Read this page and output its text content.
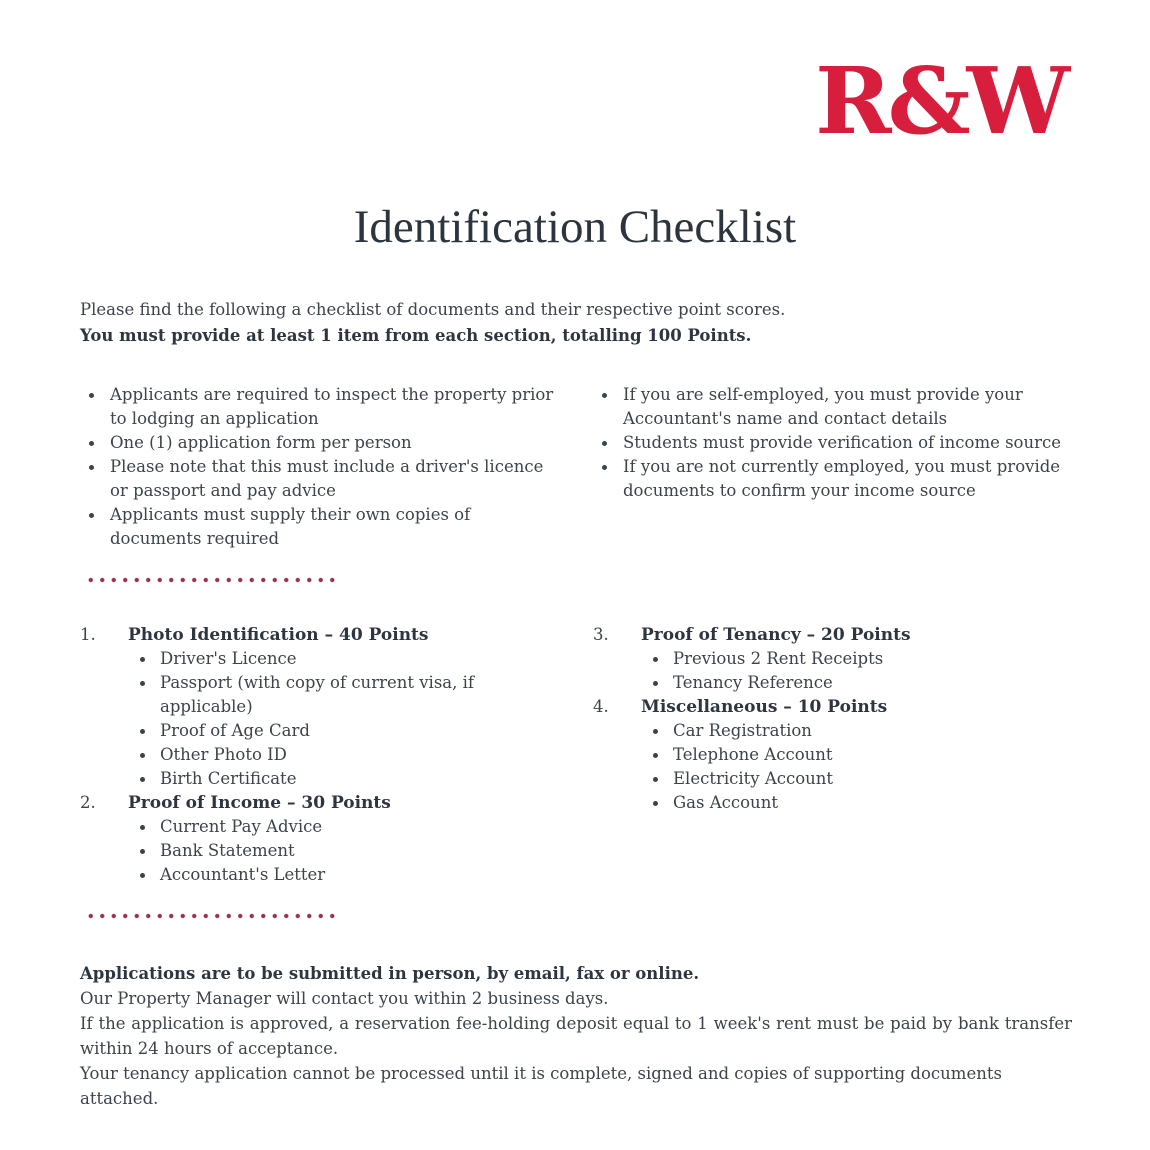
R&W
Identification Checklist

Please find the following a checklist of documents and their respective point scores.

You must provide at least 1 item from each section, totalling 100 Points.

Applicants are required to inspect the property prior to lodging an application
One (1) application form per person
Please note that this must include a driver's licence or passport and pay advice
Applicants must supply their own copies of documents required
If you are self-employed, you must provide your Accountant's name and contact details
Students must provide verification of income source
If you are not currently employed, you must provide documents to confirm your income source
1.	Photo Identification – 40 Points
Driver's Licence
Passport (with copy of current visa, if applicable)
Proof of Age Card
Other Photo ID
Birth Certificate
2.	Proof of Income – 30 Points
Current Pay Advice
Bank Statement
Accountant's Letter
3.	Proof of Tenancy – 20 Points
Previous 2 Rent Receipts
Tenancy Reference
4.	Miscellaneous – 10 Points
Car Registration
Telephone Account
Electricity Account
Gas Account

Applications are to be submitted in person, by email, fax or online.

Our Property Manager will contact you within 2 business days.

If the application is approved, a reservation fee-holding deposit equal to 1 week's rent must be paid by bank transfer within 24 hours of acceptance.

Your tenancy application cannot be processed until it is complete, signed and copies of supporting documents attached.
